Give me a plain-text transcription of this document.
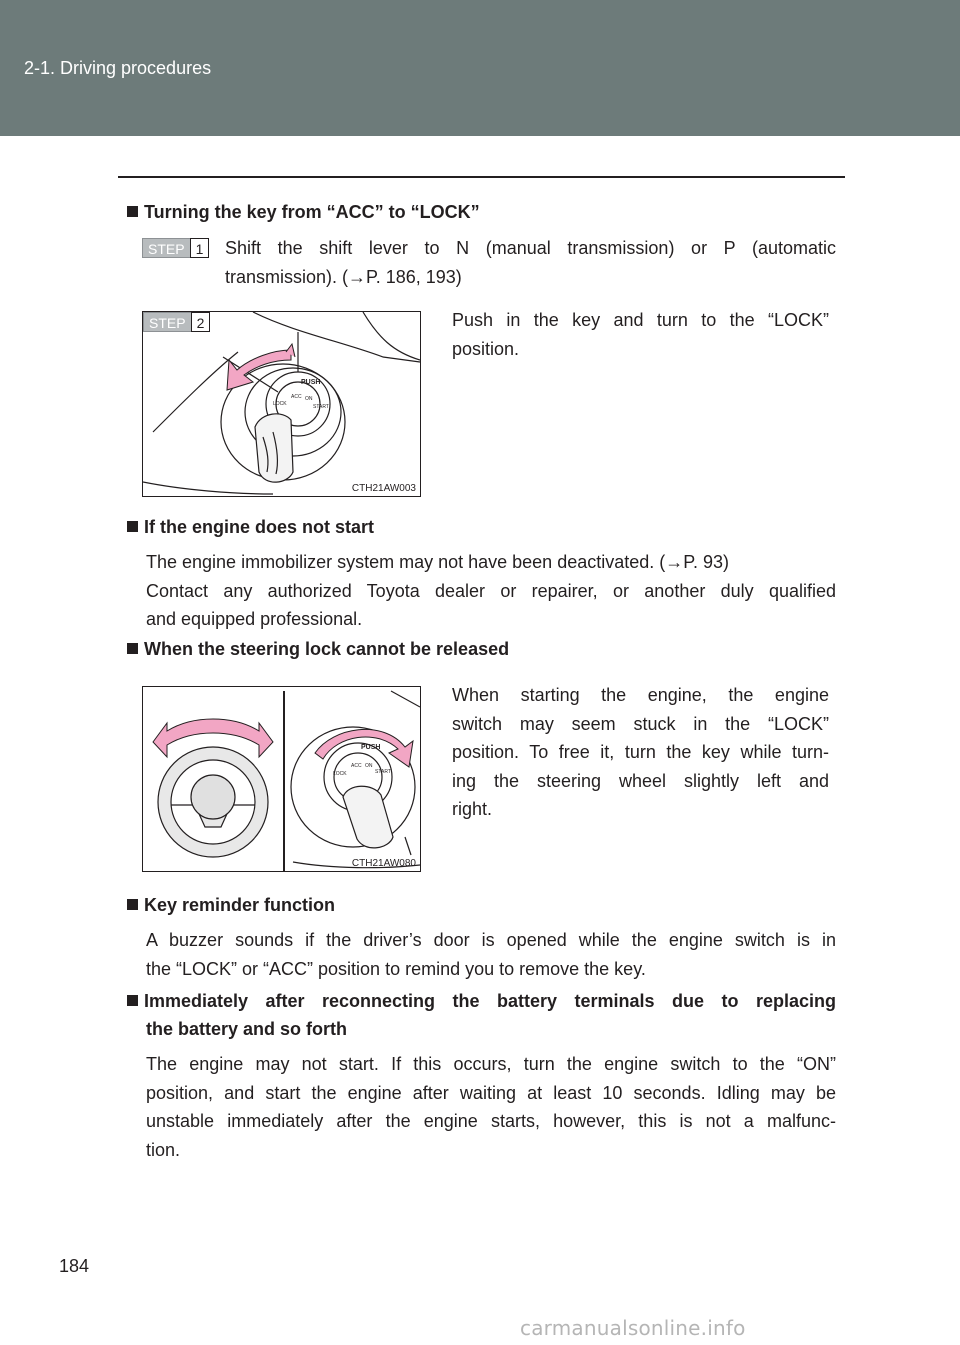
2-1. Driving procedures
Turning the key from “ACC” to “LOCK”
STEP 1	Shift the shift lever to N (manual transmission) or P (automatic
transmission). (→P. 186, 193)
Push in the key and turn to the “LOCK”
position.
PUSH
LOCK
ACC ON
START
STEP 2
CTH21AW003
If the engine does not start
The engine immobilizer system may not have been deactivated. (→P. 93)
Contact any authorized Toyota dealer or repairer, or another duly qualified
and equipped professional.
When the steering lock cannot be released
PUSH
LOCK
ACC ON
START
CTH21AW080
When starting the engine, the engine
switch may seem stuck in the “LOCK”
position. To free it, turn the key while turn-
ing the steering wheel slightly left and
right.
Key reminder function
A buzzer sounds if the driver’s door is opened while the engine switch is in
the “LOCK” or “ACC” position to remind you to remove the key.
Immediately after reconnecting the battery terminals due to replacing
the battery and so forth
The engine may not start. If this occurs, turn the engine switch to the “ON”
position, and start the engine after waiting at least 10 seconds. Idling may be
unstable immediately after the engine starts, however, this is not a malfunc-
tion.
184
carmanualsonline.info
